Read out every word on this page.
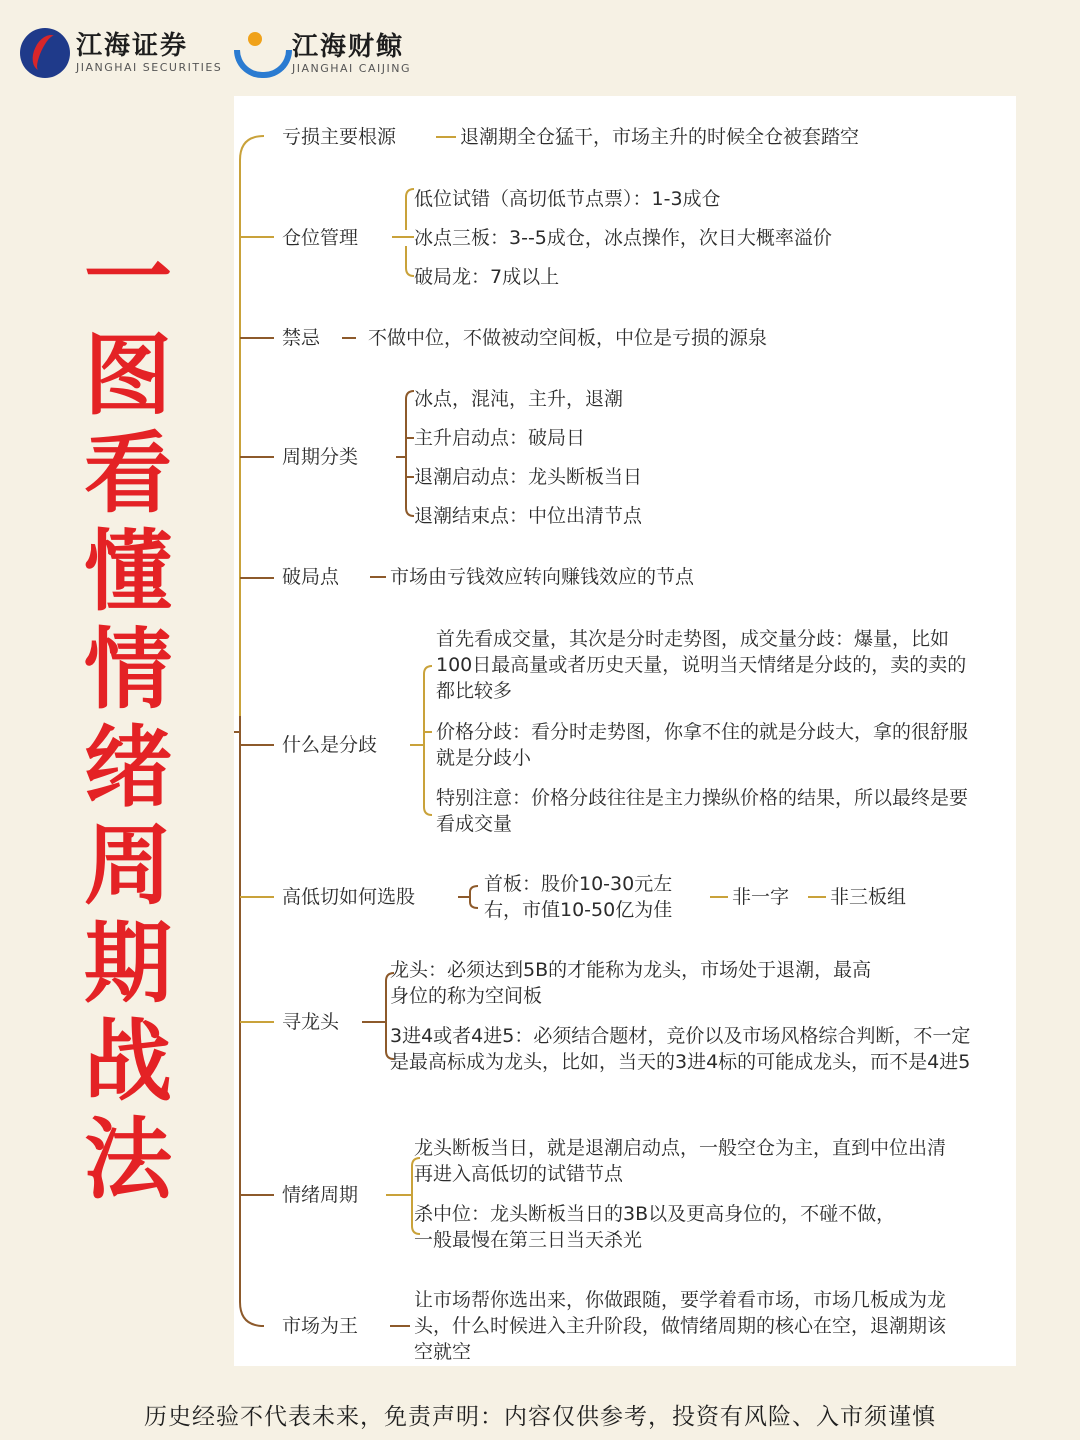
江海证券
JIANGHAI SECURITIES
江海财鲸
JIANGHAI CAIJING
一
图
看
懂
情
绪
周
期
战
法
亏损主要根源	退潮期全仓猛干，市场主升的时候全仓被套踏空
仓位管理
低位试错（高切低节点票）：1-3成仓
冰点三板：3--5成仓，冰点操作，次日大概率溢价
破局龙：7成以上
禁忌	不做中位，不做被动空间板，中位是亏损的源泉
周期分类
冰点，混沌，主升，退潮
主升启动点：破局日
退潮启动点：龙头断板当日
退潮结束点：中位出清节点
破局点	市场由亏钱效应转向赚钱效应的节点
什么是分歧
首先看成交量，其次是分时走势图，成交量分歧：爆量，比如100日最高量或者历史天量，说明当天情绪是分歧的，卖的卖的都比较多
价格分歧：看分时走势图，你拿不住的就是分歧大，拿的很舒服就是分歧小
特别注意：价格分歧往往是主力操纵价格的结果，所以最终是要看成交量
高低切如何选股
首板：股价10-30元左右，市值10-50亿为佳
非一字 非三板组
寻龙头
龙头：必须达到5B的才能称为龙头，市场处于退潮，最高身位的称为空间板
3进4或者4进5：必须结合题材，竞价以及市场风格综合判断，不一定是最高标成为龙头，比如，当天的3进4标的可能成龙头，而不是4进5
情绪周期
龙头断板当日，就是退潮启动点，一般空仓为主，直到中位出清再进入高低切的试错节点
杀中位：龙头断板当日的3B以及更高身位的，不碰不做，一般最慢在第三日当天杀光
市场为王
让市场帮你选出来，你做跟随，要学着看市场，市场几板成为龙头，什么时候进入主升阶段，做情绪周期的核心在空，退潮期该空就空
历史经验不代表未来，免责声明：内容仅供参考，投资有风险、入市须谨慎
